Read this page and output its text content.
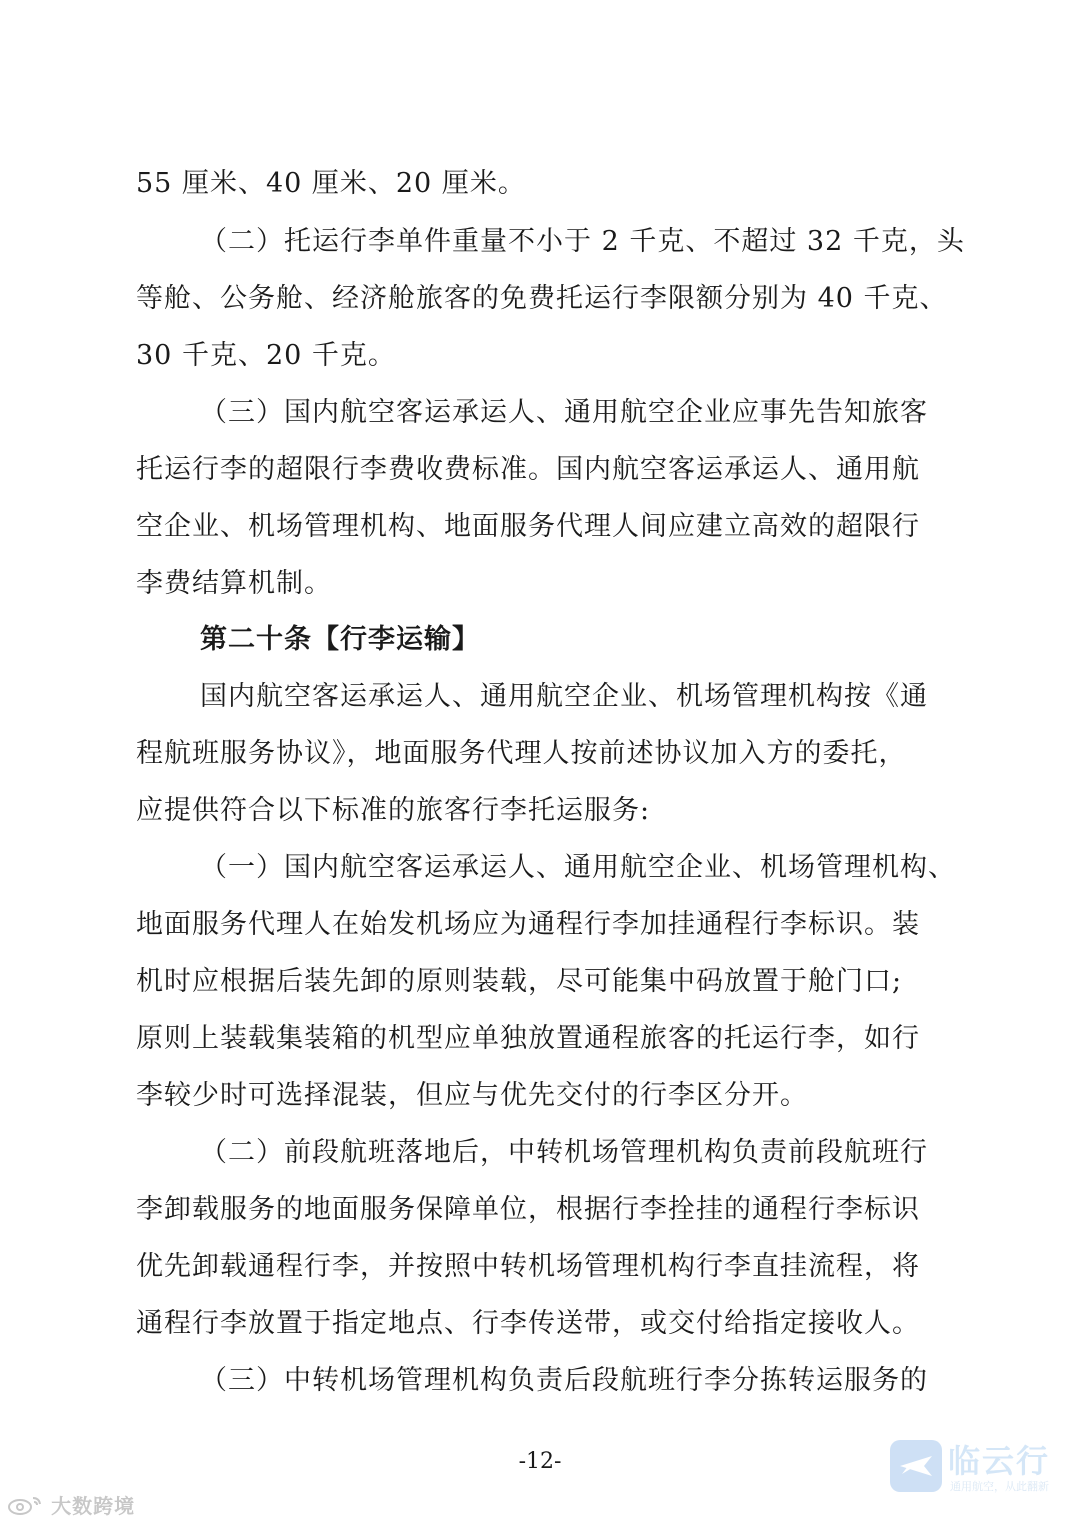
55 厘米、40 厘米、20 厘米。
（二）托运行李单件重量不小于 2 千克、不超过 32 千克，头
等舱、公务舱、经济舱旅客的免费托运行李限额分别为 40 千克、
30 千克、20 千克。
（三）国内航空客运承运人、通用航空企业应事先告知旅客
托运行李的超限行李费收费标准。国内航空客运承运人、通用航
空企业、机场管理机构、地面服务代理人间应建立高效的超限行
李费结算机制。
第二十条【行李运输】
国内航空客运承运人、通用航空企业、机场管理机构按《通
程航班服务协议》，地面服务代理人按前述协议加入方的委托，
应提供符合以下标准的旅客行李托运服务:
（一）国内航空客运承运人、通用航空企业、机场管理机构、
地面服务代理人在始发机场应为通程行李加挂通程行李标识。装
机时应根据后装先卸的原则装载，尽可能集中码放置于舱门口;
原则上装载集装箱的机型应单独放置通程旅客的托运行李，如行
李较少时可选择混装，但应与优先交付的行李区分开。
（二）前段航班落地后，中转机场管理机构负责前段航班行
李卸载服务的地面服务保障单位，根据行李拴挂的通程行李标识
优先卸载通程行李，并按照中转机场管理机构行李直挂流程，将
通程行李放置于指定地点、行李传送带，或交付给指定接收人。
（三）中转机场管理机构负责后段航班行李分拣转运服务的
-12-	临云行
通用航空，从此翻新
大数跨境
